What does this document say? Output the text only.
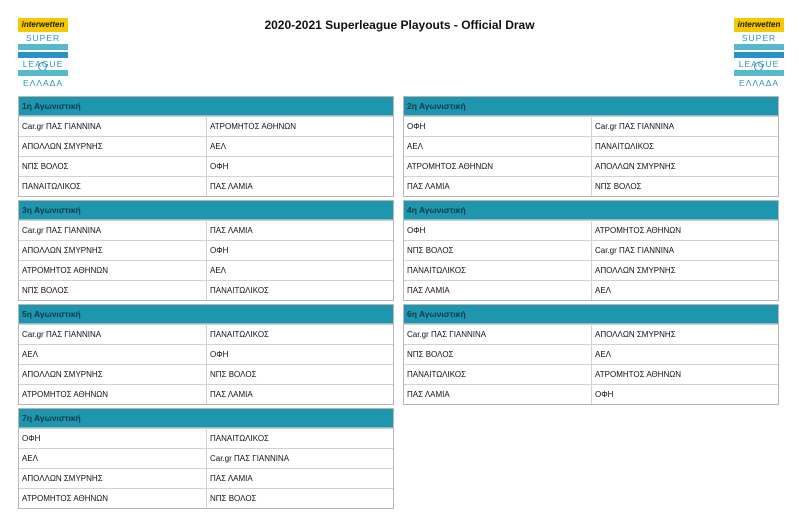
interwetten
SUPER
LEAGUE
ΕΛΛΑΔΑ
interwetten
SUPER
LEAGUE
ΕΛΛΑΔΑ
2020-2021 Superleague Playouts - Official Draw
1η Αγωνιστική
Car.gr ΠΑΣ ΓΙΑΝΝΙΝΑ	ΑΤΡΟΜΗΤΟΣ ΑΘΗΝΩΝ
ΑΠΟΛΛΩΝ ΣΜΥΡΝΗΣ	ΑΕΛ
ΝΠΣ ΒΟΛΟΣ	ΟΦΗ
ΠΑΝΑΙΤΩΛΙΚΟΣ	ΠΑΣ ΛΑΜΙΑ
2η Αγωνιστική
ΟΦΗ	Car.gr ΠΑΣ ΓΙΑΝΝΙΝΑ
ΑΕΛ	ΠΑΝΑΙΤΩΛΙΚΟΣ
ΑΤΡΟΜΗΤΟΣ ΑΘΗΝΩΝ	ΑΠΟΛΛΩΝ ΣΜΥΡΝΗΣ
ΠΑΣ ΛΑΜΙΑ	ΝΠΣ ΒΟΛΟΣ
3η Αγωνιστική
Car.gr ΠΑΣ ΓΙΑΝΝΙΝΑ	ΠΑΣ ΛΑΜΙΑ
ΑΠΟΛΛΩΝ ΣΜΥΡΝΗΣ	ΟΦΗ
ΑΤΡΟΜΗΤΟΣ ΑΘΗΝΩΝ	ΑΕΛ
ΝΠΣ ΒΟΛΟΣ	ΠΑΝΑΙΤΩΛΙΚΟΣ
4η Αγωνιστική
ΟΦΗ	ΑΤΡΟΜΗΤΟΣ ΑΘΗΝΩΝ
ΝΠΣ ΒΟΛΟΣ	Car.gr ΠΑΣ ΓΙΑΝΝΙΝΑ
ΠΑΝΑΙΤΩΛΙΚΟΣ	ΑΠΟΛΛΩΝ ΣΜΥΡΝΗΣ
ΠΑΣ ΛΑΜΙΑ	ΑΕΛ
5η Αγωνιστική
Car.gr ΠΑΣ ΓΙΑΝΝΙΝΑ	ΠΑΝΑΙΤΩΛΙΚΟΣ
ΑΕΛ	ΟΦΗ
ΑΠΟΛΛΩΝ ΣΜΥΡΝΗΣ	ΝΠΣ ΒΟΛΟΣ
ΑΤΡΟΜΗΤΟΣ ΑΘΗΝΩΝ	ΠΑΣ ΛΑΜΙΑ
6η Αγωνιστική
Car.gr ΠΑΣ ΓΙΑΝΝΙΝΑ	ΑΠΟΛΛΩΝ ΣΜΥΡΝΗΣ
ΝΠΣ ΒΟΛΟΣ	ΑΕΛ
ΠΑΝΑΙΤΩΛΙΚΟΣ	ΑΤΡΟΜΗΤΟΣ ΑΘΗΝΩΝ
ΠΑΣ ΛΑΜΙΑ	ΟΦΗ
7η Αγωνιστική
ΟΦΗ	ΠΑΝΑΙΤΩΛΙΚΟΣ
ΑΕΛ	Car.gr ΠΑΣ ΓΙΑΝΝΙΝΑ
ΑΠΟΛΛΩΝ ΣΜΥΡΝΗΣ	ΠΑΣ ΛΑΜΙΑ
ΑΤΡΟΜΗΤΟΣ ΑΘΗΝΩΝ	ΝΠΣ ΒΟΛΟΣ
